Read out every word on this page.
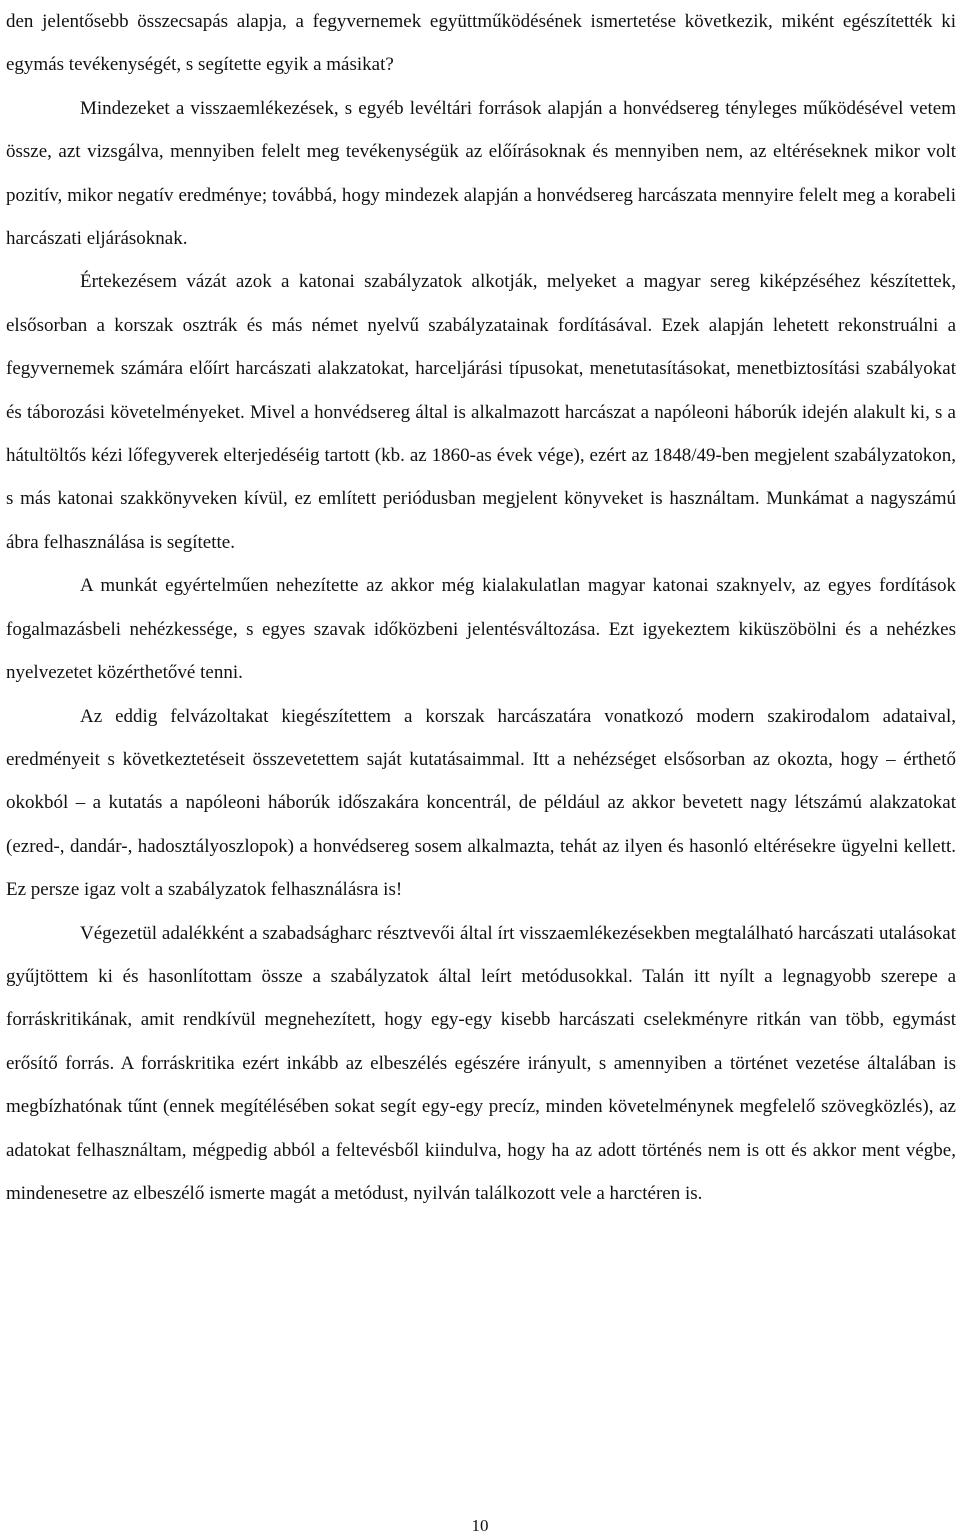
den jelentősebb összecsapás alapja, a fegyvernemek együttműködésének ismertetése következik, miként egészítették ki egymás tevékenységét, s segítette egyik a másikat?

Mindezeket a visszaemlékezések, s egyéb levéltári források alapján a honvédsereg tényleges működésével vetem össze, azt vizsgálva, mennyiben felelt meg tevékenységük az előírásoknak és mennyiben nem, az eltéréseknek mikor volt pozitív, mikor negatív eredménye; továbbá, hogy mindezek alapján a honvédsereg harcászata mennyire felelt meg a korabeli harcászati eljárásoknak.

Értekezésem vázát azok a katonai szabályzatok alkotják, melyeket a magyar sereg kiképzéséhez készítettek, elsősorban a korszak osztrák és más német nyelvű szabályzatainak fordításával. Ezek alapján lehetett rekonstruálni a fegyvernemek számára előírt harcászati alakzatokat, harceljárási típusokat, menetutasításokat, menetbiztosítási szabályokat és táborozási követelményeket. Mivel a honvédsereg által is alkalmazott harcászat a napóleoni háborúk idején alakult ki, s a hátultöltős kézi lőfegyverek elterjedéséig tartott (kb. az 1860-as évek vége), ezért az 1848/49-ben megjelent szabályzatokon, s más katonai szakkönyveken kívül, ez említett periódusban megjelent könyveket is használtam. Munkámat a nagyszámú ábra felhasználása is segítette.

A munkát egyértelműen nehezítette az akkor még kialakulatlan magyar katonai szaknyelv, az egyes fordítások fogalmazásbeli nehézkessége, s egyes szavak időközbeni jelentésváltozása. Ezt igyekeztem kiküszöbölni és a nehézkes nyelvezetet közérthetővé tenni.

Az eddig felvázoltakat kiegészítettem a korszak harcászatára vonatkozó modern szakirodalom adataival, eredményeit s következtetéseit összevetettem saját kutatásaimmal. Itt a nehézséget elsősorban az okozta, hogy – érthető okokból – a kutatás a napóleoni háborúk időszakára koncentrál, de például az akkor bevetett nagy létszámú alakzatokat (ezred-, dandár-, hadosztályoszlopok) a honvédsereg sosem alkalmazta, tehát az ilyen és hasonló eltérésekre ügyelni kellett. Ez persze igaz volt a szabályzatok felhasználásra is!

Végezetül adalékként a szabadságharc résztvevői által írt visszaemlékezésekben megtalálható harcászati utalásokat gyűjtöttem ki és hasonlítottam össze a szabályzatok által leírt metódusokkal. Talán itt nyílt a legnagyobb szerepe a forráskritikának, amit rendkívül megnehezített, hogy egy-egy kisebb harcászati cselekményre ritkán van több, egymást erősítő forrás. A forráskritika ezért inkább az elbeszélés egészére irányult, s amennyiben a történet vezetése általában is megbízhatónak tűnt (ennek megítélésében sokat segít egy-egy precíz, minden követelménynek megfelelő szövegközlés), az adatokat felhasználtam, mégpedig abból a feltevésből kiindulva, hogy ha az adott történés nem is ott és akkor ment végbe, mindenesetre az elbeszélő ismerte magát a metódust, nyilván találkozott vele a harctéren is.

10
